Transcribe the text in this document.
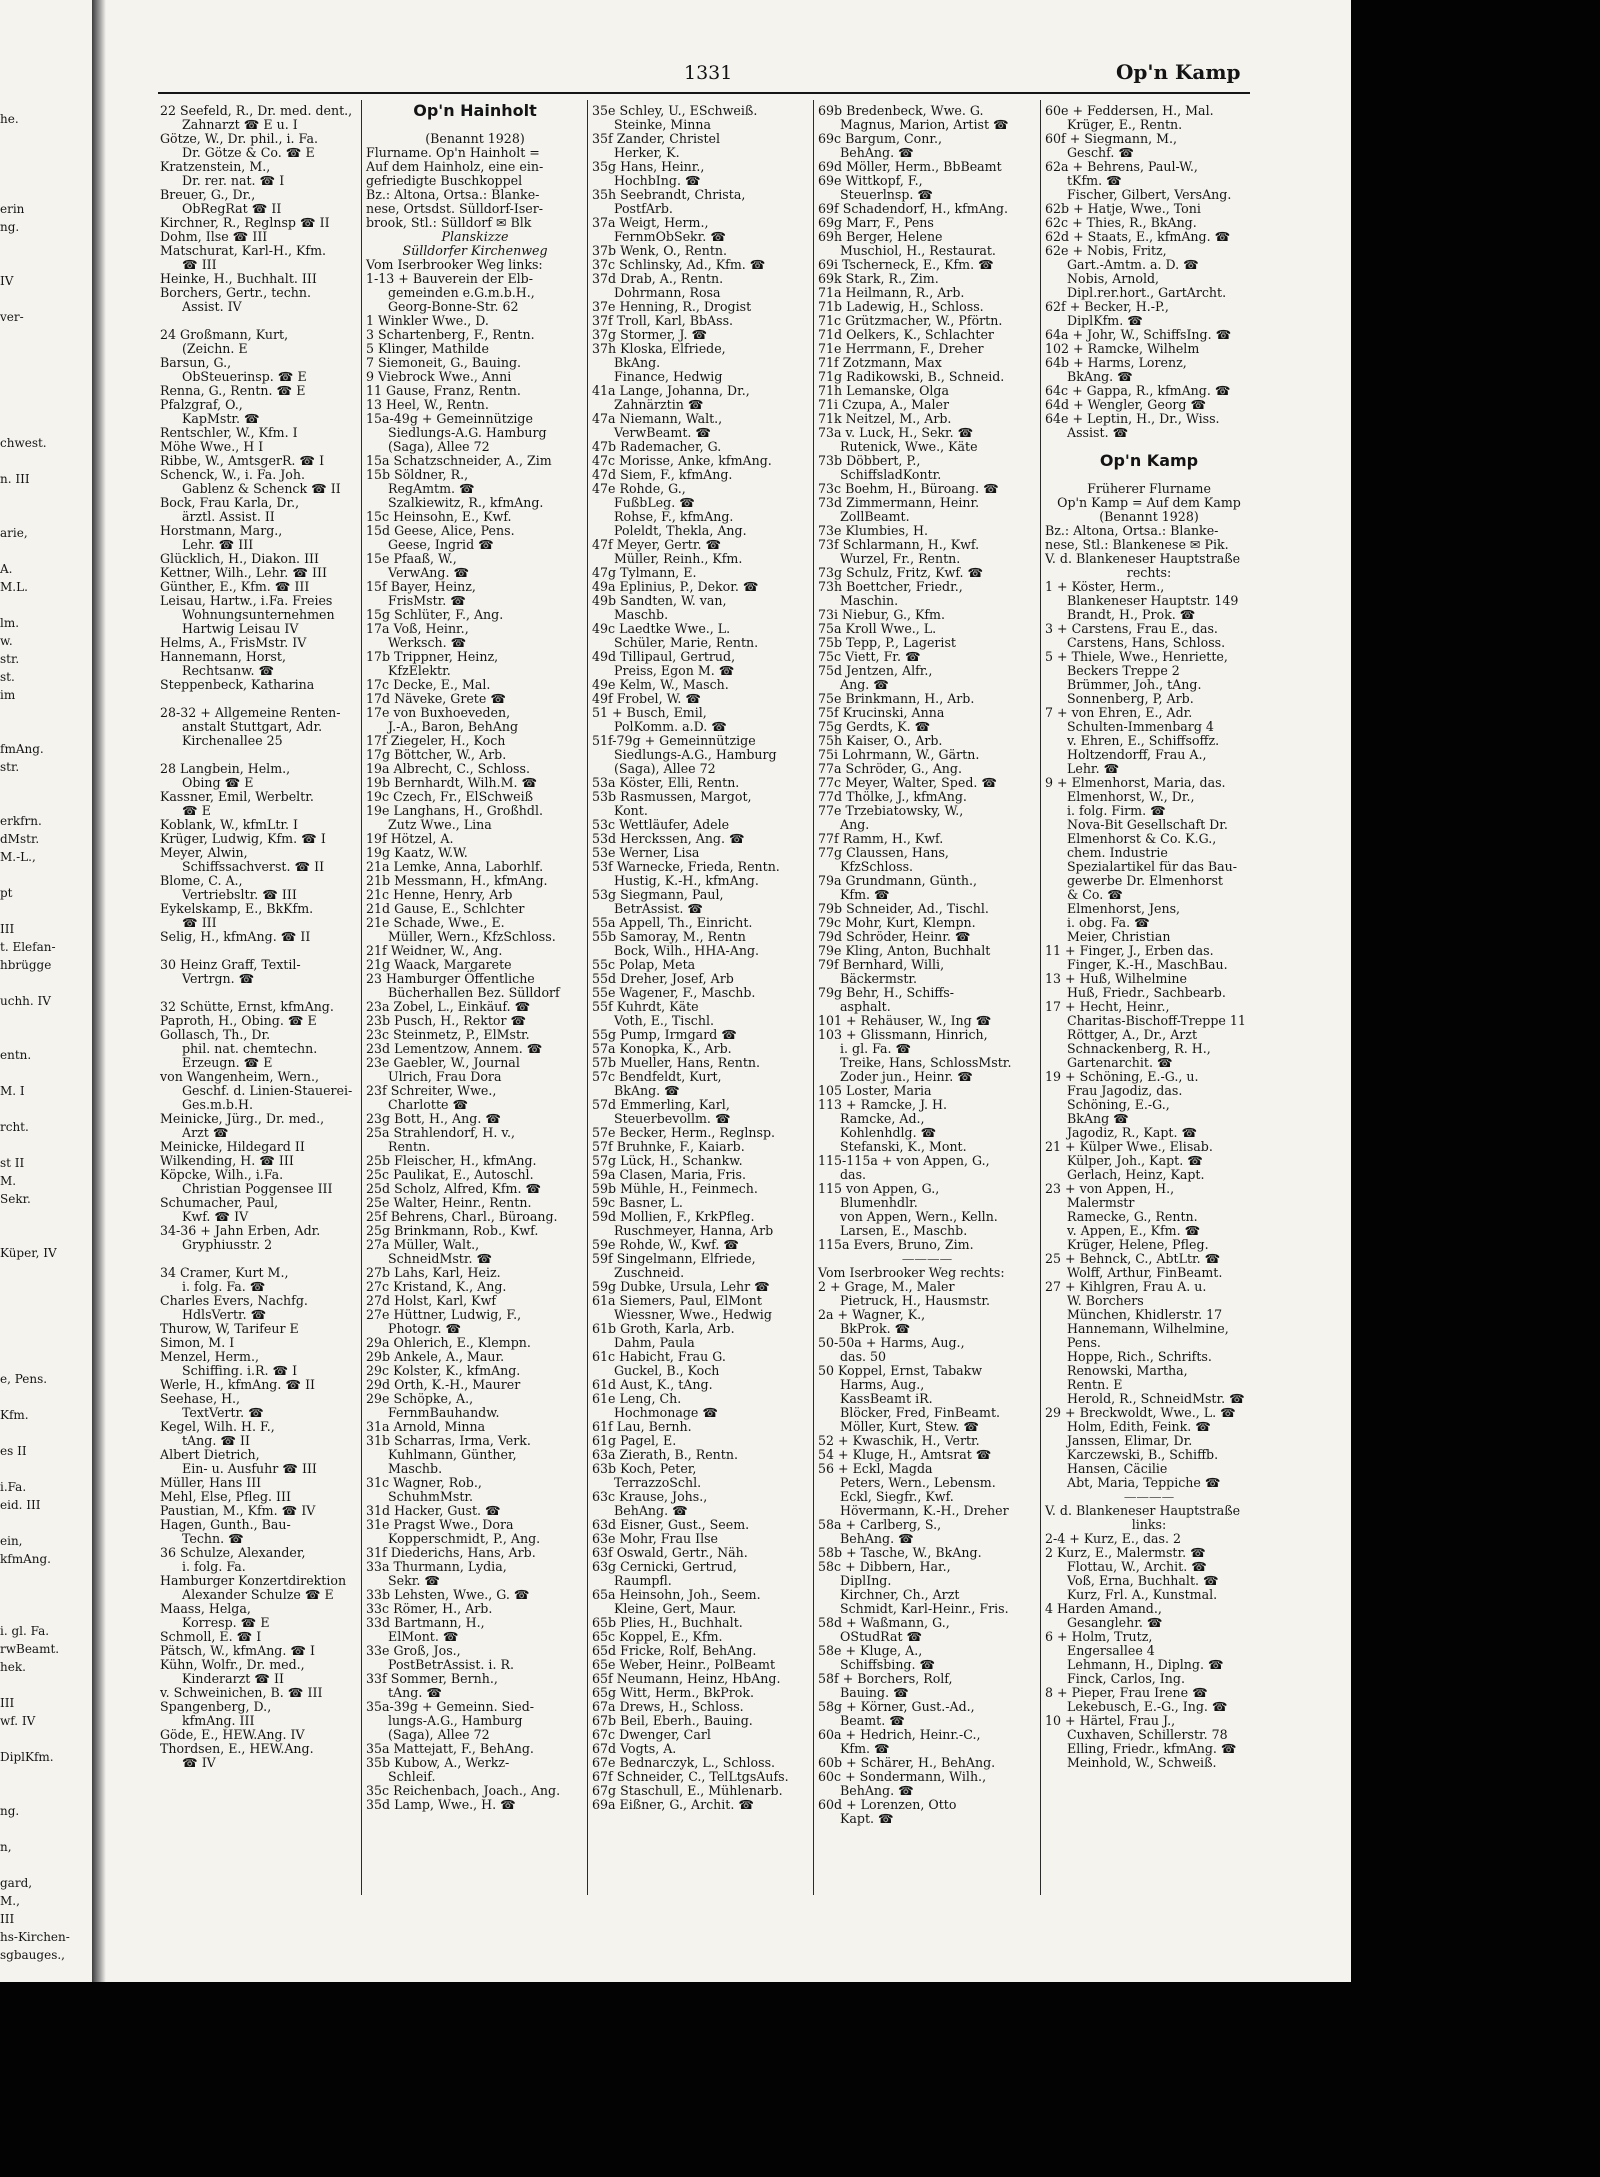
he.
erin
ng.
IV
ver-
chwest.
n. III
arie,
A.
M.L.
lm.
w.
str.
st.
im
fmAng.
str.
erkfrn.
dMstr.
M.-L.,
pt
III
t. Elefan-
hbrügge
uchh. IV
entn.
M. I
rcht.
st II
M.
Sekr.
Küper, IV
e, Pens.
Kfm.
es II
i.Fa.
eid. III
ein,
kfmAng.
i. gl. Fa.
rwBeamt.
hek.
III
wf. IV
DiplKfm.
ng.
n,
gard,
M.,
III
hs-Kirchen-
sgbauges.,
1331	Op'n Kamp
22 Seefeld, R., Dr. med. dent.,
Zahnarzt ☎ E u. I
Götze, W., Dr. phil., i. Fa.
Dr. Götze & Co. ☎ E
Kratzenstein, M.,
Dr. rer. nat. ☎ I
Breuer, G., Dr.,
ObRegRat ☎ II
Kirchner, R., Reglnsp ☎ II
Dohm, Ilse ☎ III
Matschurat, Karl-H., Kfm.
☎ III
Heinke, H., Buchhalt. III
Borchers, Gertr., techn.
Assist. IV
24 Großmann, Kurt,
(Zeichn. E
Barsun, G.,
ObSteuerinsp. ☎ E
Renna, G., Rentn. ☎ E
Pfalzgraf, O.,
KapMstr. ☎
Rentschler, W., Kfm. I
Möhe Wwe., H I
Ribbe, W., AmtsgerR. ☎ I
Schenck, W., i. Fa. Joh.
Gablenz & Schenck ☎ II
Bock, Frau Karla, Dr.,
ärztl. Assist. II
Horstmann, Marg.,
Lehr. ☎ III
Glücklich, H., Diakon. III
Kettner, Wilh., Lehr. ☎ III
Günther, E., Kfm. ☎ III
Leisau, Hartw., i.Fa. Freies
Wohnungsunternehmen
Hartwig Leisau IV
Helms, A., FrisMstr. IV
Hannemann, Horst,
Rechtsanw. ☎
Steppenbeck, Katharina
28-32 + Allgemeine Renten-
anstalt Stuttgart, Adr.
Kirchenallee 25
28 Langbein, Helm.,
Obing ☎ E
Kassner, Emil, Werbeltr.
☎ E
Koblank, W., kfmLtr. I
Krüger, Ludwig, Kfm. ☎ I
Meyer, Alwin,
Schiffssachverst. ☎ II
Blome, C. A.,
Vertriebsltr. ☎ III
Eykelskamp, E., BkKfm.
☎ III
Selig, H., kfmAng. ☎ II
30 Heinz Graff, Textil-
Vertrgn. ☎
32 Schütte, Ernst, kfmAng.
Paproth, H., Obing. ☎ E
Gollasch, Th., Dr.
phil. nat. chemtechn.
Erzeugn. ☎ E
von Wangenheim, Wern.,
Geschf. d. Linien-Stauerei-
Ges.m.b.H.
Meinicke, Jürg., Dr. med.,
Arzt ☎
Meinicke, Hildegard II
Wilkending, H. ☎ III
Köpcke, Wilh., i.Fa.
Christian Poggensee III
Schumacher, Paul,
Kwf. ☎ IV
34-36 + Jahn Erben, Adr.
Gryphiusstr. 2
34 Cramer, Kurt M.,
i. folg. Fa. ☎
Charles Evers, Nachfg.
HdlsVertr. ☎
Thurow, W, Tarifeur E
Simon, M. I
Menzel, Herm.,
Schiffing. i.R. ☎ I
Werle, H., kfmAng. ☎ II
Seehase, H.,
TextVertr. ☎
Kegel, Wilh. H. F.,
tAng. ☎ II
Albert Dietrich,
Ein- u. Ausfuhr ☎ III
Müller, Hans III
Mehl, Else, Pfleg. III
Paustian, M., Kfm. ☎ IV
Hagen, Gunth., Bau-
Techn. ☎
36 Schulze, Alexander,
i. folg. Fa.
Hamburger Konzertdirektion
Alexander Schulze ☎ E
Maass, Helga,
Korresp. ☎ E
Schmoll, E. ☎ I
Pätsch, W., kfmAng. ☎ I
Kühn, Wolfr., Dr. med.,
Kinderarzt ☎ II
v. Schweinichen, B. ☎ III
Spangenberg, D.,
kfmAng. III
Göde, E., HEW.Ang. IV
Thordsen, E., HEW.Ang.
☎ IV
Op'n Hainholt
(Benannt 1928)
Flurname. Op'n Hainholt =
Auf dem Hainholz, eine ein-
gefriedigte Buschkoppel
Bz.: Altona, Ortsa.: Blanke-
nese, Ortsdst. Sülldorf-Iser-
brook, Stl.: Sülldorf ✉ Blk
Planskizze
Sülldorfer Kirchenweg
Vom Iserbrooker Weg links:
1-13 + Bauverein der Elb-
gemeinden e.G.m.b.H.,
Georg-Bonne-Str. 62
1 Winkler Wwe., D.
3 Schartenberg, F., Rentn.
5 Klinger, Mathilde
7 Siemoneit, G., Bauing.
9 Viebrock Wwe., Anni
11 Gause, Franz, Rentn.
13 Heel, W., Rentn.
15a-49g + Gemeinnützige
Siedlungs-A.G. Hamburg
(Saga), Allee 72
15a Schatzschneider, A., Zim
15b Söldner, R.,
RegAmtm. ☎
Szalkiewitz, R., kfmAng.
15c Heinsohn, E., Kwf.
15d Geese, Alice, Pens.
Geese, Ingrid ☎
15e Pfaaß, W.,
VerwAng. ☎
15f Bayer, Heinz,
FrisMstr. ☎
15g Schlüter, F., Ang.
17a Voß, Heinr.,
Werksch. ☎
17b Trippner, Heinz,
KfzElektr.
17c Decke, E., Mal.
17d Näveke, Grete ☎
17e von Buxhoeveden,
J.-A., Baron, BehAng
17f Ziegeler, H., Koch
17g Böttcher, W., Arb.
19a Albrecht, C., Schloss.
19b Bernhardt, Wilh.M. ☎
19c Czech, Fr., ElSchweiß
19e Langhans, H., Großhdl.
Zutz Wwe., Lina
19f Hötzel, A.
19g Kaatz, W.W.
21a Lemke, Anna, Laborhlf.
21b Messmann, H., kfmAng.
21c Henne, Henry, Arb
21d Gause, E., Schlchter
21e Schade, Wwe., E.
Müller, Wern., KfzSchloss.
21f Weidner, W., Ang.
21g Waack, Margarete
23 Hamburger Öffentliche
Bücherhallen Bez. Sülldorf
23a Zobel, L., Einkäuf. ☎
23b Pusch, H., Rektor ☎
23c Steinmetz, P., ElMstr.
23d Lementzow, Annem. ☎
23e Gaebler, W., Journal
Ulrich, Frau Dora
23f Schreiter, Wwe.,
Charlotte ☎
23g Bott, H., Ang. ☎
25a Strahlendorf, H. v.,
Rentn.
25b Fleischer, H., kfmAng.
25c Paulikat, E., Autoschl.
25d Scholz, Alfred, Kfm. ☎
25e Walter, Heinr., Rentn.
25f Behrens, Charl., Büroang.
25g Brinkmann, Rob., Kwf.
27a Müller, Walt.,
SchneidMstr. ☎
27b Lahs, Karl, Heiz.
27c Kristand, K., Ang.
27d Holst, Karl, Kwf
27e Hüttner, Ludwig, F.,
Photogr. ☎
29a Ohlerich, E., Klempn.
29b Ankele, A., Maur.
29c Kolster, K., kfmAng.
29d Orth, K.-H., Maurer
29e Schöpke, A.,
FernmBauhandw.
31a Arnold, Minna
31b Scharras, Irma, Verk.
Kuhlmann, Günther,
Maschb.
31c Wagner, Rob.,
SchuhmMstr.
31d Hacker, Gust. ☎
31e Pragst Wwe., Dora
Kopperschmidt, P., Ang.
31f Diederichs, Hans, Arb.
33a Thurmann, Lydia,
Sekr. ☎
33b Lehsten, Wwe., G. ☎
33c Römer, H., Arb.
33d Bartmann, H.,
ElMont. ☎
33e Groß, Jos.,
PostBetrAssist. i. R.
33f Sommer, Bernh.,
tAng. ☎
35a-39g + Gemeinn. Sied-
lungs-A.G., Hamburg
(Saga), Allee 72
35a Mattejatt, F., BehAng.
35b Kubow, A., Werkz-
Schleif.
35c Reichenbach, Joach., Ang.
35d Lamp, Wwe., H. ☎
35e Schley, U., ESchweiß.
Steinke, Minna
35f Zander, Christel
Herker, K.
35g Hans, Heinr.,
HochbIng. ☎
35h Seebrandt, Christa,
PostfArb.
37a Weigt, Herm.,
FernmObSekr. ☎
37b Wenk, O., Rentn.
37c Schlinsky, Ad., Kfm. ☎
37d Drab, A., Rentn.
Dohrmann, Rosa
37e Henning, R., Drogist
37f Troll, Karl, BbAss.
37g Stormer, J. ☎
37h Kloska, Elfriede,
BkAng.
Finance, Hedwig
41a Lange, Johanna, Dr.,
Zahnärztin ☎
47a Niemann, Walt.,
VerwBeamt. ☎
47b Rademacher, G.
47c Morisse, Anke, kfmAng.
47d Siem, F., kfmAng.
47e Rohde, G.,
FußbLeg. ☎
Rohse, F., kfmAng.
Poleldt, Thekla, Ang.
47f Meyer, Gertr. ☎
Müller, Reinh., Kfm.
47g Tylmann, E.
49a Eplinius, P., Dekor. ☎
49b Sandten, W. van,
Maschb.
49c Laedtke Wwe., L.
Schüler, Marie, Rentn.
49d Tillipaul, Gertrud,
Preiss, Egon M. ☎
49e Kelm, W., Masch.
49f Frobel, W. ☎
51 + Busch, Emil,
PolKomm. a.D. ☎
51f-79g + Gemeinnützige
Siedlungs-A.G., Hamburg
(Saga), Allee 72
53a Köster, Elli, Rentn.
53b Rasmussen, Margot,
Kont.
53c Wettläufer, Adele
53d Herckssen, Ang. ☎
53e Werner, Lisa
53f Warnecke, Frieda, Rentn.
Hustig, K.-H., kfmAng.
53g Siegmann, Paul,
BetrAssist. ☎
55a Appell, Th., Einricht.
55b Samoray, M., Rentn
Bock, Wilh., HHA-Ang.
55c Polap, Meta
55d Dreher, Josef, Arb
55e Wagener, F., Maschb.
55f Kuhrdt, Käte
Voth, E., Tischl.
55g Pump, Irmgard ☎
57a Konopka, K., Arb.
57b Mueller, Hans, Rentn.
57c Bendfeldt, Kurt,
BkAng. ☎
57d Emmerling, Karl,
Steuerbevollm. ☎
57e Becker, Herm., Reglnsp.
57f Bruhnke, F., Kaiarb.
57g Lück, H., Schankw.
59a Clasen, Maria, Fris.
59b Mühle, H., Feinmech.
59c Basner, L.
59d Mollien, F., KrkPfleg.
Ruschmeyer, Hanna, Arb
59e Rohde, W., Kwf. ☎
59f Singelmann, Elfriede,
Zuschneid.
59g Dubke, Ursula, Lehr ☎
61a Siemers, Paul, ElMont
Wiessner, Wwe., Hedwig
61b Groth, Karla, Arb.
Dahm, Paula
61c Habicht, Frau G.
Guckel, B., Koch
61d Aust, K., tAng.
61e Leng, Ch.
Hochmonage ☎
61f Lau, Bernh.
61g Pagel, E.
63a Zierath, B., Rentn.
63b Koch, Peter,
TerrazzoSchl.
63c Krause, Johs.,
BehAng. ☎
63d Eisner, Gust., Seem.
63e Mohr, Frau Ilse
63f Oswald, Gertr., Näh.
63g Cernicki, Gertrud,
Raumpfl.
65a Heinsohn, Joh., Seem.
Kleine, Gert, Maur.
65b Plies, H., Buchhalt.
65c Koppel, E., Kfm.
65d Fricke, Rolf, BehAng.
65e Weber, Heinr., PolBeamt
65f Neumann, Heinz, HbAng.
65g Witt, Herm., BkProk.
67a Drews, H., Schloss.
67b Beil, Eberh., Bauing.
67c Dwenger, Carl
67d Vogts, A.
67e Bednarczyk, L., Schloss.
67f Schneider, C., TelLtgsAufs.
67g Staschull, E., Mühlenarb.
69a Eißner, G., Archit. ☎
69b Bredenbeck, Wwe. G.
Magnus, Marion, Artist ☎
69c Bargum, Conr.,
BehAng. ☎
69d Möller, Herm., BbBeamt
69e Wittkopf, F.,
Steuerlnsp. ☎
69f Schadendorf, H., kfmAng.
69g Marr, F., Pens
69h Berger, Helene
Muschiol, H., Restaurat.
69i Tscherneck, E., Kfm. ☎
69k Stark, R., Zim.
71a Heilmann, R., Arb.
71b Ladewig, H., Schloss.
71c Grützmacher, W., Pförtn.
71d Oelkers, K., Schlachter
71e Herrmann, F., Dreher
71f Zotzmann, Max
71g Radikowski, B., Schneid.
71h Lemanske, Olga
71i Czupa, A., Maler
71k Neitzel, M., Arb.
73a v. Luck, H., Sekr. ☎
Rutenick, Wwe., Käte
73b Döbbert, P.,
SchiffsladKontr.
73c Boehm, H., Büroang. ☎
73d Zimmermann, Heinr.
ZollBeamt.
73e Klumbies, H.
73f Schlarmann, H., Kwf.
Wurzel, Fr., Rentn.
73g Schulz, Fritz, Kwf. ☎
73h Boettcher, Friedr.,
Maschin.
73i Niebur, G., Kfm.
75a Kroll Wwe., L.
75b Tepp, P., Lagerist
75c Viett, Fr. ☎
75d Jentzen, Alfr.,
Ang. ☎
75e Brinkmann, H., Arb.
75f Krucinski, Anna
75g Gerdts, K. ☎
75h Kaiser, O., Arb.
75i Lohrmann, W., Gärtn.
77a Schröder, G., Ang.
77c Meyer, Walter, Sped. ☎
77d Thölke, J., kfmAng.
77e Trzebiatowsky, W.,
Ang.
77f Ramm, H., Kwf.
77g Claussen, Hans,
KfzSchloss.
79a Grundmann, Günth.,
Kfm. ☎
79b Schneider, Ad., Tischl.
79c Mohr, Kurt, Klempn.
79d Schröder, Heinr. ☎
79e Kling, Anton, Buchhalt
79f Bernhard, Willi,
Bäckermstr.
79g Behr, H., Schiffs-
asphalt.
101 + Rehäuser, W., Ing ☎
103 + Glissmann, Hinrich,
i. gl. Fa. ☎
Treike, Hans, SchlossMstr.
Zoder jun., Heinr. ☎
105 Loster, Maria
113 + Ramcke, J. H.
Ramcke, Ad.,
Kohlenhdlg. ☎
Stefanski, K., Mont.
115-115a + von Appen, G.,
das.
115 von Appen, G.,
Blumenhdlr.
von Appen, Wern., Kelln.
Larsen, E., Maschb.
115a Evers, Bruno, Zim.
————
Vom Iserbrooker Weg rechts:
2 + Grage, M., Maler
Pietruck, H., Hausmstr.
2a + Wagner, K.,
BkProk. ☎
50-50a + Harms, Aug.,
das. 50
50 Koppel, Ernst, Tabakw
Harms, Aug.,
KassBeamt iR.
Blöcker, Fred, FinBeamt.
Möller, Kurt, Stew. ☎
52 + Kwaschik, H., Vertr.
54 + Kluge, H., Amtsrat ☎
56 + Eckl, Magda
Peters, Wern., Lebensm.
Eckl, Siegfr., Kwf.
Hövermann, K.-H., Dreher
58a + Carlberg, S.,
BehAng. ☎
58b + Tasche, W., BkAng.
58c + Dibbern, Har.,
DiplIng.
Kirchner, Ch., Arzt
Schmidt, Karl-Heinr., Fris.
58d + Waßmann, G.,
OStudRat ☎
58e + Kluge, A.,
Schiffsbing. ☎
58f + Borchers, Rolf,
Bauing. ☎
58g + Körner, Gust.-Ad.,
Beamt. ☎
60a + Hedrich, Heinr.-C.,
Kfm. ☎
60b + Schärer, H., BehAng.
60c + Sondermann, Wilh.,
BehAng. ☎
60d + Lorenzen, Otto
Kapt. ☎
60e + Feddersen, H., Mal.
Krüger, E., Rentn.
60f + Siegmann, M.,
Geschf. ☎
62a + Behrens, Paul-W.,
tKfm. ☎
Fischer, Gilbert, VersAng.
62b + Hatje, Wwe., Toni
62c + Thies, R., BkAng.
62d + Staats, E., kfmAng. ☎
62e + Nobis, Fritz,
Gart.-Amtm. a. D. ☎
Nobis, Arnold,
Dipl.rer.hort., GartArcht.
62f + Becker, H.-P.,
DiplKfm. ☎
64a + Johr, W., SchiffsIng. ☎
102 + Ramcke, Wilhelm
64b + Harms, Lorenz,
BkAng. ☎
64c + Gappa, R., kfmAng. ☎
64d + Wengler, Georg ☎
64e + Leptin, H., Dr., Wiss.
Assist. ☎
Op'n Kamp
Früherer Flurname
Op'n Kamp = Auf dem Kamp
(Benannt 1928)
Bz.: Altona, Ortsa.: Blanke-
nese, Stl.: Blankenese ✉ Pik.
V. d. Blankeneser Hauptstraße
rechts:
1 + Köster, Herm.,
Blankeneser Hauptstr. 149
Brandt, H., Prok. ☎
3 + Carstens, Frau E., das.
Carstens, Hans, Schloss.
5 + Thiele, Wwe., Henriette,
Beckers Treppe 2
Brümmer, Joh., tAng.
Sonnenberg, P, Arb.
7 + von Ehren, E., Adr.
Schulten-Immenbarg 4
v. Ehren, E., Schiffsoffz.
Holtzendorff, Frau A.,
Lehr. ☎
9 + Elmenhorst, Maria, das.
Elmenhorst, W., Dr.,
i. folg. Firm. ☎
Nova-Bit Gesellschaft Dr.
Elmenhorst & Co. K.G.,
chem. Industrie
Spezialartikel für das Bau-
gewerbe Dr. Elmenhorst
& Co. ☎
Elmenhorst, Jens,
i. obg. Fa. ☎
Meier, Christian
11 + Finger, J., Erben das.
Finger, K.-H., MaschBau.
13 + Huß, Wilhelmine
Huß, Friedr., Sachbearb.
17 + Hecht, Heinr.,
Charitas-Bischoff-Treppe 11
Röttger, A., Dr., Arzt
Schnackenberg, R. H.,
Gartenarchit. ☎
19 + Schöning, E.-G., u.
Frau Jagodiz, das.
Schöning, E.-G.,
BkAng ☎
Jagodiz, R., Kapt. ☎
21 + Külper Wwe., Elisab.
Külper, Joh., Kapt. ☎
Gerlach, Heinz, Kapt.
23 + von Appen, H.,
Malermstr
Ramecke, G., Rentn.
v. Appen, E., Kfm. ☎
Krüger, Helene, Pfleg.
25 + Behnck, C., AbtLtr. ☎
Wolff, Arthur, FinBeamt.
27 + Kihlgren, Frau A. u.
W. Borchers
München, Khidlerstr. 17
Hannemann, Wilhelmine,
Pens.
Hoppe, Rich., Schrifts.
Renowski, Martha,
Rentn. E
Herold, R., SchneidMstr. ☎
29 + Breckwoldt, Wwe., L. ☎
Holm, Edith, Feink. ☎
Janssen, Elimar, Dr.
Karczewski, B., Schiffb.
Hansen, Cäcilie
Abt, Maria, Teppiche ☎
————
V. d. Blankeneser Hauptstraße
links:
2-4 + Kurz, E., das. 2
2 Kurz, E., Malermstr. ☎
Flottau, W., Archit. ☎
Voß, Erna, Buchhalt. ☎
Kurz, Frl. A., Kunstmal.
4 Harden Amand.,
Gesanglehr. ☎
6 + Holm, Trutz,
Engersallee 4
Lehmann, H., Diplng. ☎
Finck, Carlos, Ing.
8 + Pieper, Frau Irene ☎
Lekebusch, E.-G., Ing. ☎
10 + Härtel, Frau J.,
Cuxhaven, Schillerstr. 78
Elling, Friedr., kfmAng. ☎
Meinhold, W., Schweiß.
